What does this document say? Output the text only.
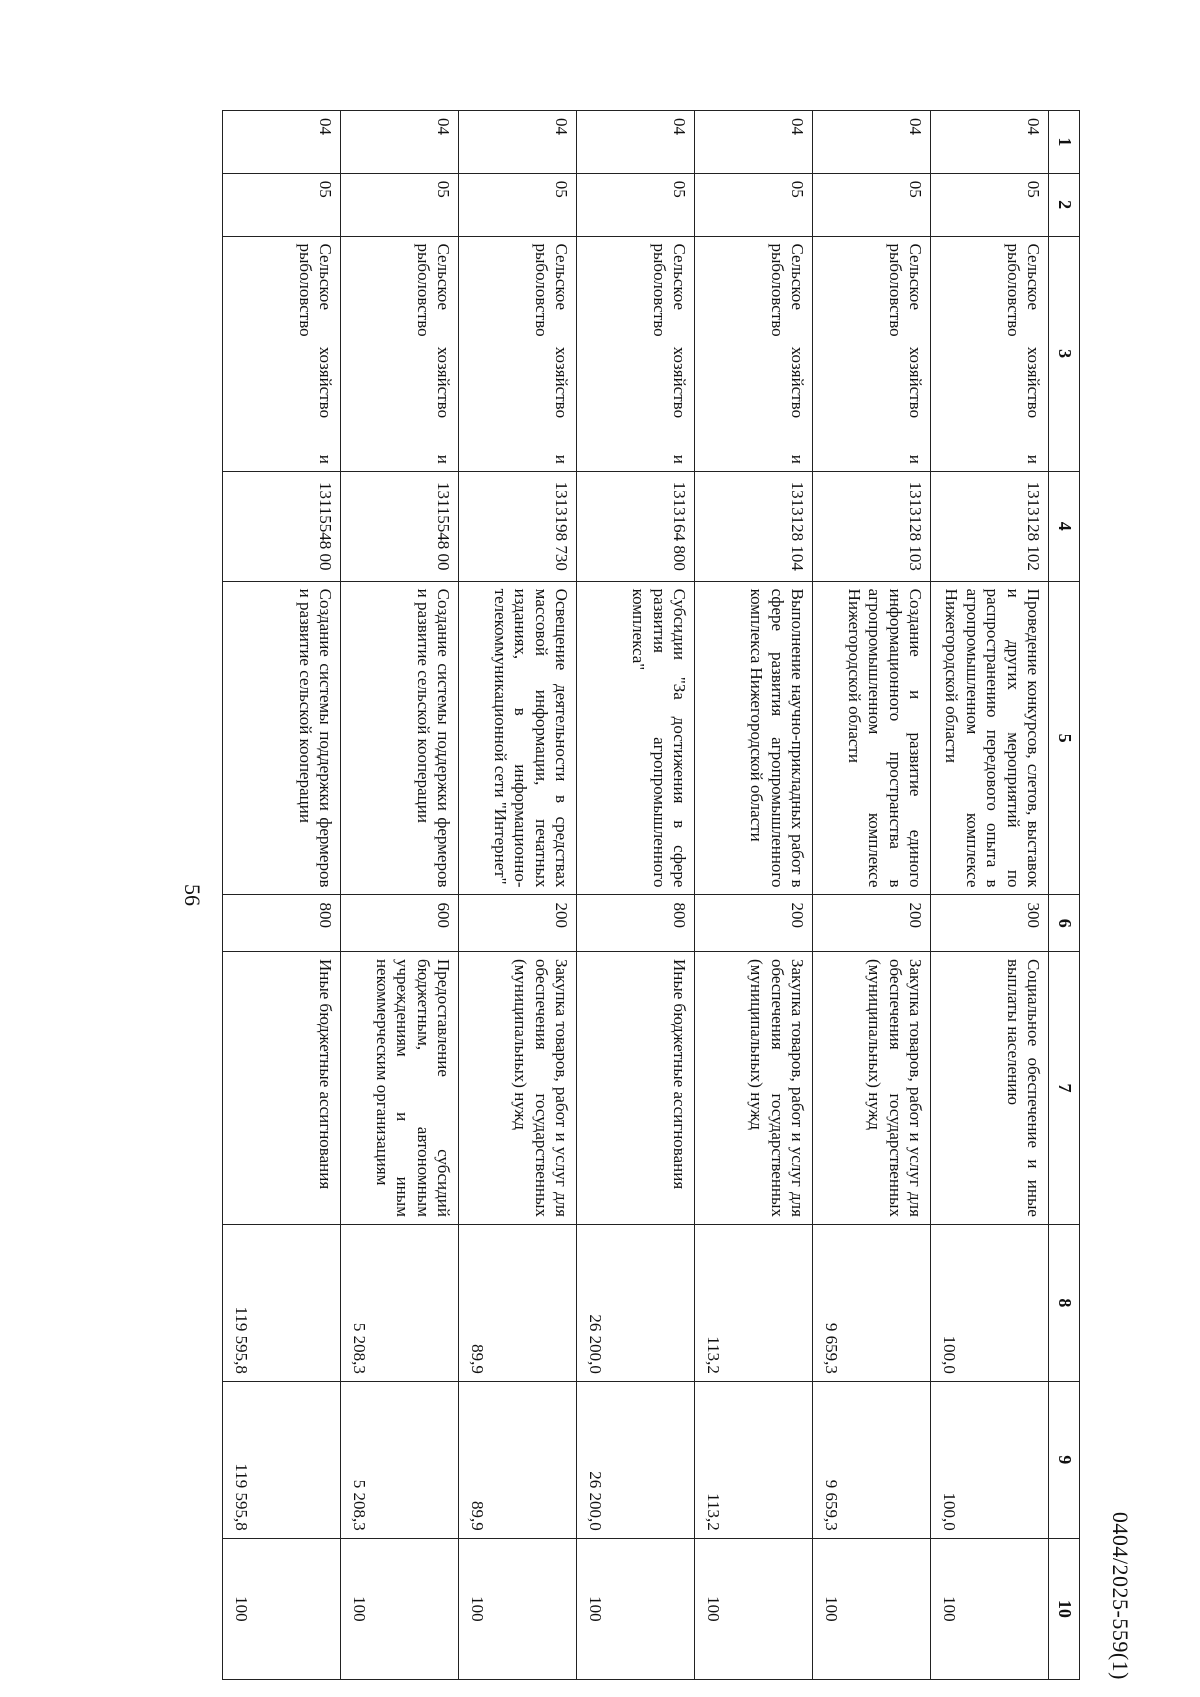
1	2	3	4	5	6	7	8	9	10
04	05	Сельское хозяйство и рыболовство	1313128 102	Проведение конкурсов, слетов, выставок и других мероприятий по распространению передового опыта в агропромышленном комплексе Нижегородской области	300	Социальное обеспечение и иные выплаты населению	100,0	100,0	100
04	05	Сельское хозяйство и рыболовство	1313128 103	Создание и развитие единого информационного пространства в агропромышленном комплексе Нижегородской области	200	Закупка товаров, работ и услуг для обеспечения государственных (муниципальных) нужд	9 659,3	9 659,3	100
04	05	Сельское хозяйство и рыболовство	1313128 104	Выполнение научно-прикладных работ в сфере развития агропромышленного комплекса Нижегородской области	200	Закупка товаров, работ и услуг для обеспечения государственных (муниципальных) нужд	113,2	113,2	100
04	05	Сельское хозяйство и рыболовство	1313164 800	Субсидии "За достижения в сфере развития агропромышленного комплекса"	800	Иные бюджетные ассигнования	26 200,0	26 200,0	100
04	05	Сельское хозяйство и рыболовство	1313198 730	Освещение деятельности в средствах массовой информации, печатных изданиях, в информационно-телекоммуникационной сети "Интернет"	200	Закупка товаров, работ и услуг для обеспечения государственных (муниципальных) нужд	89,9	89,9	100
04	05	Сельское хозяйство и рыболовство	13115548 00	Создание системы поддержки фермеров и развитие сельской кооперации	600	Предоставление субсидий бюджетным, автономным учреждениям и иным некоммерческим организациям	5 208,3	5 208,3	100
04	05	Сельское хозяйство и рыболовство	13115548 00	Создание системы поддержки фермеров и развитие сельской кооперации	800	Иные бюджетные ассигнования	119 595,8	119 595,8	100
56
0404/2025-559(1)
